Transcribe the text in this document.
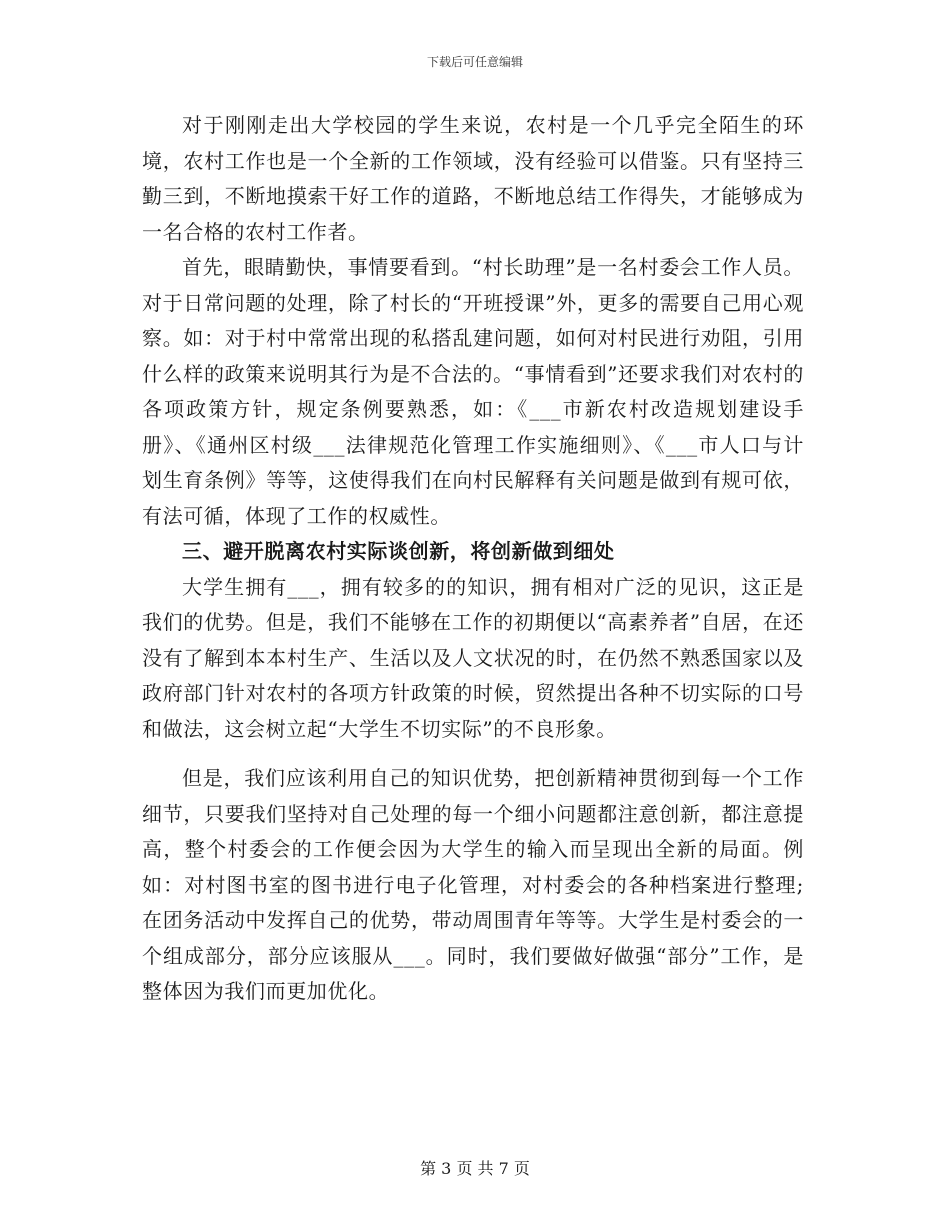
下载后可任意编辑

对于刚刚走出大学校园的学生来说，农村是一个几乎完全陌生的环境，农村工作也是一个全新的工作领域，没有经验可以借鉴。只有坚持三勤三到，不断地摸索干好工作的道路，不断地总结工作得失，才能够成为一名合格的农村工作者。

首先，眼睛勤快，事情要看到。“村长助理”是一名村委会工作人员。对于日常问题的处理，除了村长的“开班授课”外，更多的需要自己用心观察。如：对于村中常常出现的私搭乱建问题，如何对村民进行劝阻，引用什么样的政策来说明其行为是不合法的。“事情看到”还要求我们对农村的各项政策方针，规定条例要熟悉，如：《___市新农村改造规划建设手册》、《通州区村级___法律规范化管理工作实施细则》、《___市人口与计划生育条例》等等，这使得我们在向村民解释有关问题是做到有规可依，有法可循，体现了工作的权威性。

三、避开脱离农村实际谈创新，将创新做到细处

大学生拥有___，拥有较多的的知识，拥有相对广泛的见识，这正是我们的优势。但是，我们不能够在工作的初期便以“高素养者”自居，在还没有了解到本本村生产、生活以及人文状况的时，在仍然不熟悉国家以及政府部门针对农村的各项方针政策的时候，贸然提出各种不切实际的口号和做法，这会树立起“大学生不切实际”的不良形象。

但是，我们应该利用自己的知识优势，把创新精神贯彻到每一个工作细节，只要我们坚持对自己处理的每一个细小问题都注意创新，都注意提高，整个村委会的工作便会因为大学生的输入而呈现出全新的局面。例如：对村图书室的图书进行电子化管理，对村委会的各种档案进行整理;在团务活动中发挥自己的优势，带动周围青年等等。大学生是村委会的一个组成部分，部分应该服从___。同时，我们要做好做强“部分”工作，是整体因为我们而更加优化。

第 3 页 共 7 页
